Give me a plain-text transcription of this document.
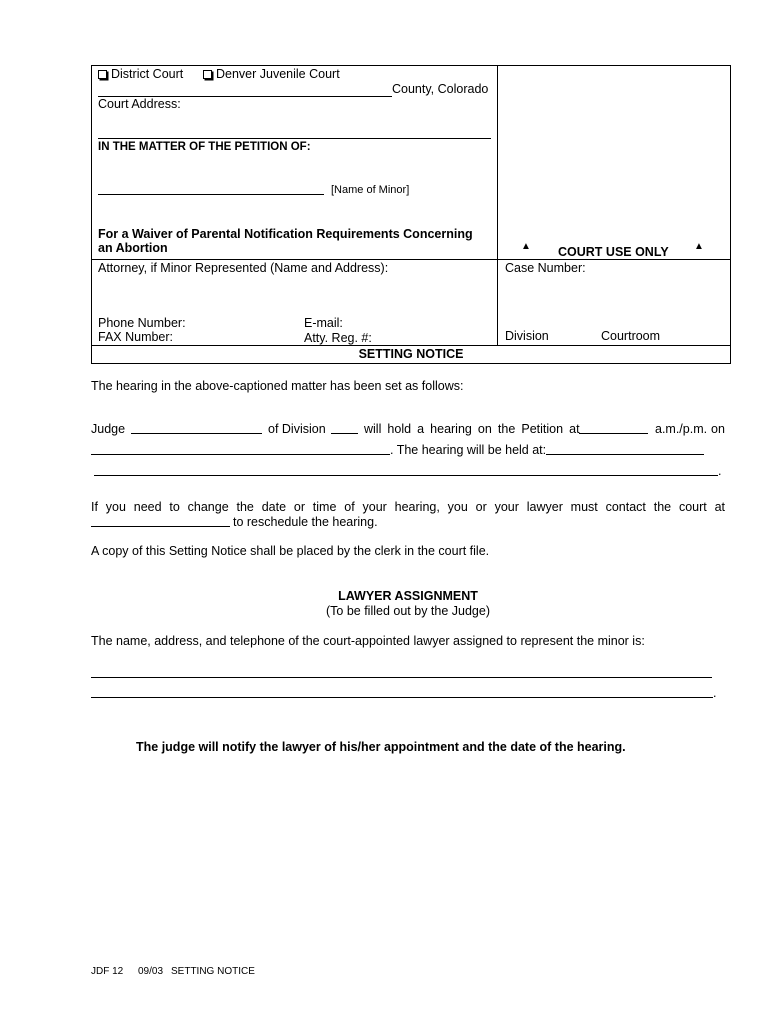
District Court	Denver Juvenile Court
County, Colorado
Court Address:
IN THE MATTER OF THE PETITION OF:
[Name of Minor]
For a Waiver of Parental Notification Requirements Concerning
an Abortion	▲ COURT USE ONLY	▲
Attorney, if Minor Represented (Name and Address):	Case Number:
Phone Number:	E-mail:
FAX Number:	Atty. Reg. #:	Division	Courtroom
SETTING NOTICE
The hearing in the above-captioned matter has been set as follows:
Judge	of Division	will hold a hearing on the Petition at	a.m./p.m. on
. The hearing will be held at:
.
If you need to change the date or time of your hearing, you or your lawyer must contact the court at
to reschedule the hearing.
A copy of this Setting Notice shall be placed by the clerk in the court file.
LAWYER ASSIGNMENT
(To be filled out by the Judge)
The name, address, and telephone of the court-appointed lawyer assigned to represent the minor is:
.
The judge will notify the lawyer of his/her appointment and the date of the hearing.
JDF 12 09/03 SETTING NOTICE
